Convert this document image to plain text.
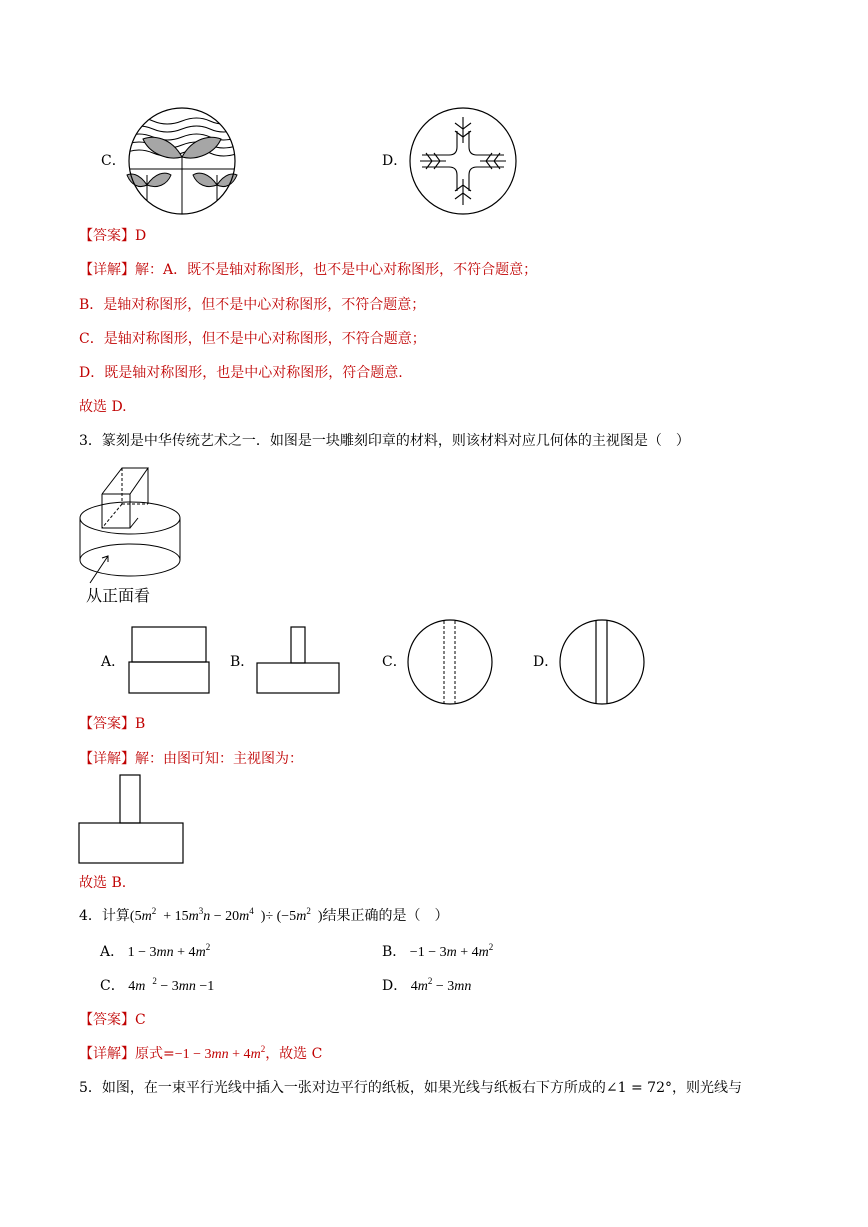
C．	D．
【答案】D
【详解】解：A．既不是轴对称图形，也不是中心对称图形，不符合题意；
B．是轴对称图形，但不是中心对称图形，不符合题意；
C．是轴对称图形，但不是中心对称图形，不符合题意；
D．既是轴对称图形，也是中心对称图形，符合题意.
故选 D.
3．篆刻是中华传统艺术之一．如图是一块雕刻印章的材料，则该材料对应几何体的主视图是（　）
从正面看
A．	B．	C．	D．
【答案】B
【详解】解：由图可知：主视图为：
故选 B.
4．计算($5m^2 + 15m^3n - 20m^4$  )÷ ($-5m^2$  )结果正确的是（　）
A． $1 - 3mn + 4m^2$	B． $-1 - 3m + 4m^2$
C． 4m $^2$ − 3mn −1	D． $4m^2 - 3mn$
【答案】C
【详解】原式$=-1 - 3mn + 4m^2$，故选 C
5．如图，在一束平行光线中插入一张对边平行的纸板，如果光线与纸板右下方所成的∠1 = 72°，则光线与
